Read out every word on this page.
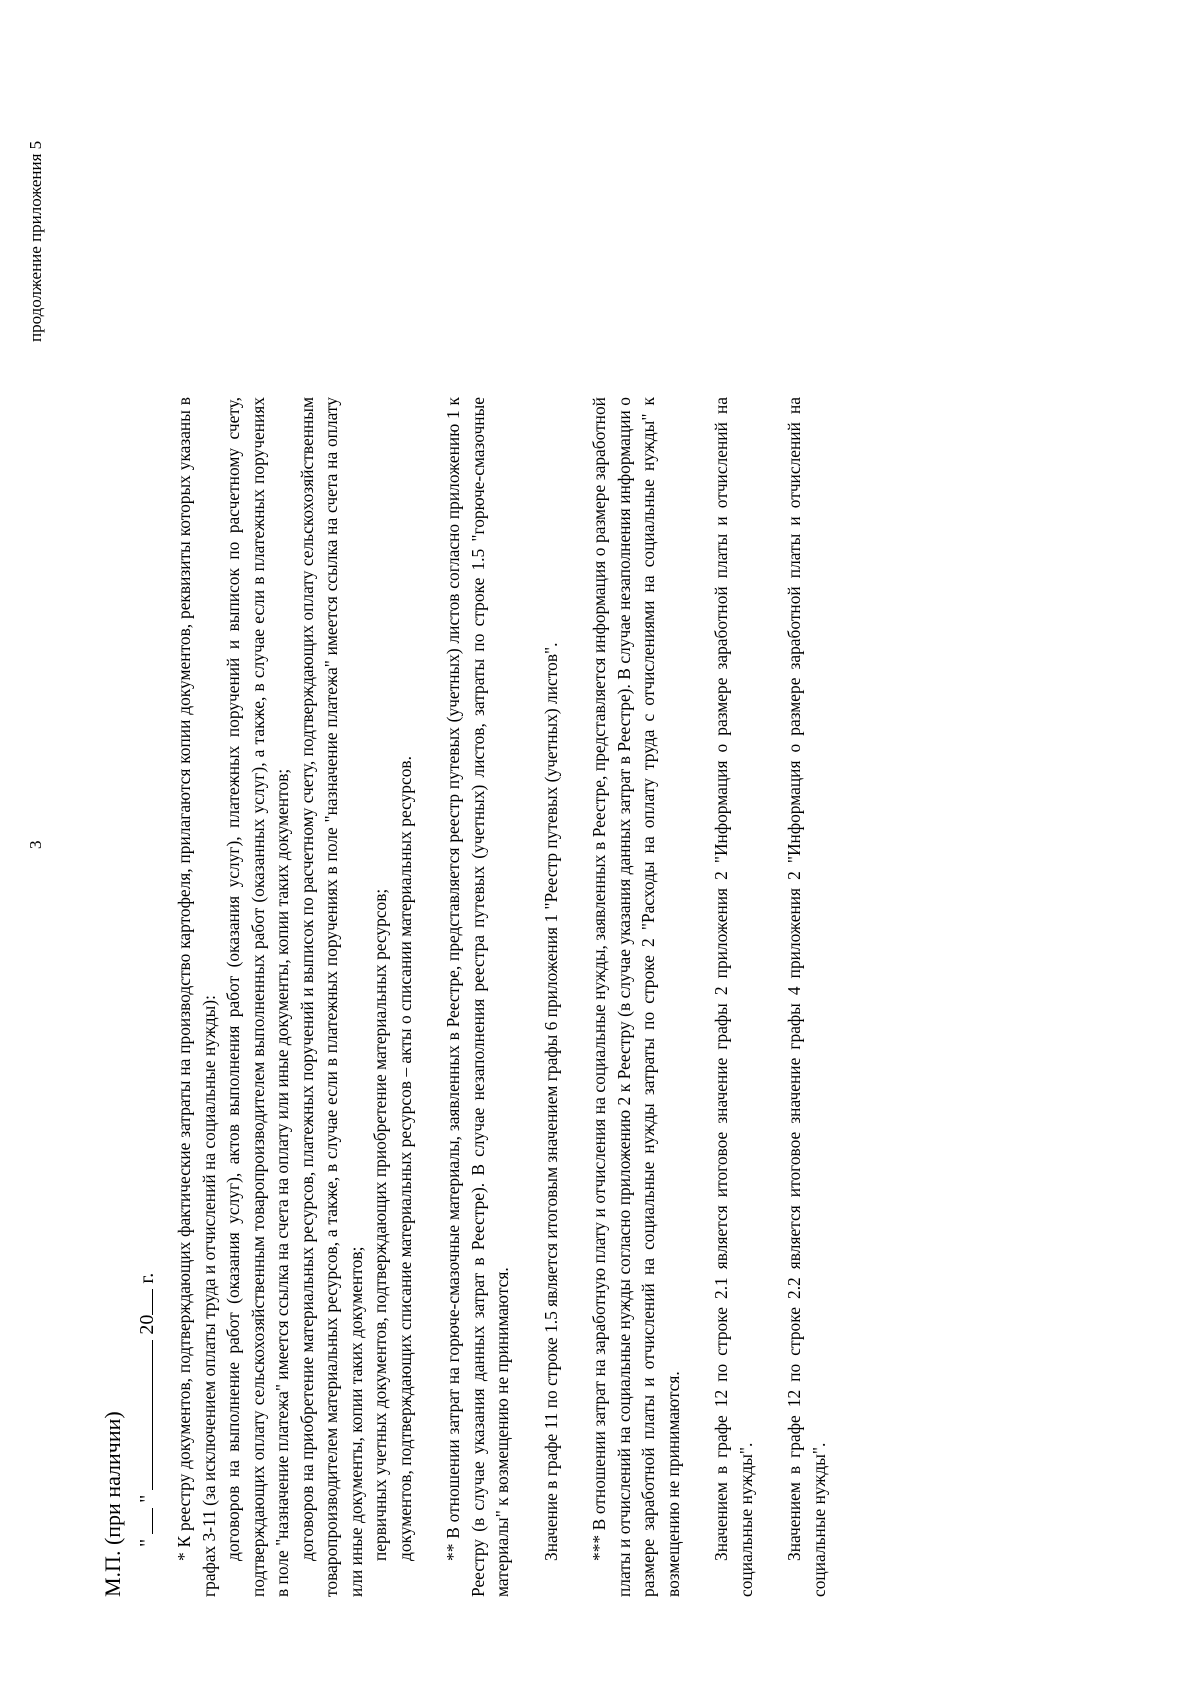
3
продолжение приложения 5
М.П. (при наличии) "  "  20 г. * К реестру документов, подтверждающих фактические затраты на производство картофеля, прилагаются копии документов, реквизиты которых указаны в графах 3-11 (за исключением оплаты труда и отчислений на социальные нужды): договоров на выполнение работ (оказания услуг), актов выполнения работ (оказания услуг), платежных поручений и выписок по расчетному счету, подтверждающих оплату сельскохозяйственным товаропроизводителем выполненных работ (оказанных услуг), а также, в случае если в платежных поручениях в поле "назначение платежа" имеется ссылка на счета на оплату или иные документы, копии таких документов; договоров на приобретение материальных ресурсов, платежных поручений и выписок по расчетному счету, подтверждающих оплату сельскохозяйственным товаропроизводителем материальных ресурсов, а также, в случае если в платежных поручениях в поле "назначение платежа" имеется ссылка на счета на оплату или иные документы, копии таких документов; первичных учетных документов, подтверждающих приобретение материальных ресурсов; документов, подтверждающих списание материальных ресурсов – акты о списании материальных ресурсов. ** В отношении затрат на горюче-смазочные материалы, заявленных в Реестре, представляется реестр путевых (учетных) листов согласно приложению 1 к Реестру (в случае указания данных затрат в Реестре). В случае незаполнения реестра путевых (учетных) листов, затраты по строке 1.5 "горюче-смазочные материалы" к возмещению не принимаются. Значение в графе 11 по строке 1.5 является итоговым значением графы 6 приложения 1 "Реестр путевых (учетных) листов". *** В отношении затрат на заработную плату и отчисления на социальные нужды, заявленных в Реестре, представляется информация о размере заработной платы и отчислений на социальные нужды согласно приложению 2 к Реестру (в случае указания данных затрат в Реестре). В случае незаполнения информации о размере заработной платы и отчислений на социальные нужды затраты по строке 2 "Расходы на оплату труда с отчислениями на социальные нужды" к возмещению не принимаются. Значением в графе 12 по строке 2.1 является итоговое значение графы 2 приложения 2 "Информация о размере заработной платы и отчислений на социальные нужды". Значением в графе 12 по строке 2.2 является итоговое значение графы 4 приложения 2 "Информация о размере заработной платы и отчислений на социальные нужды".
